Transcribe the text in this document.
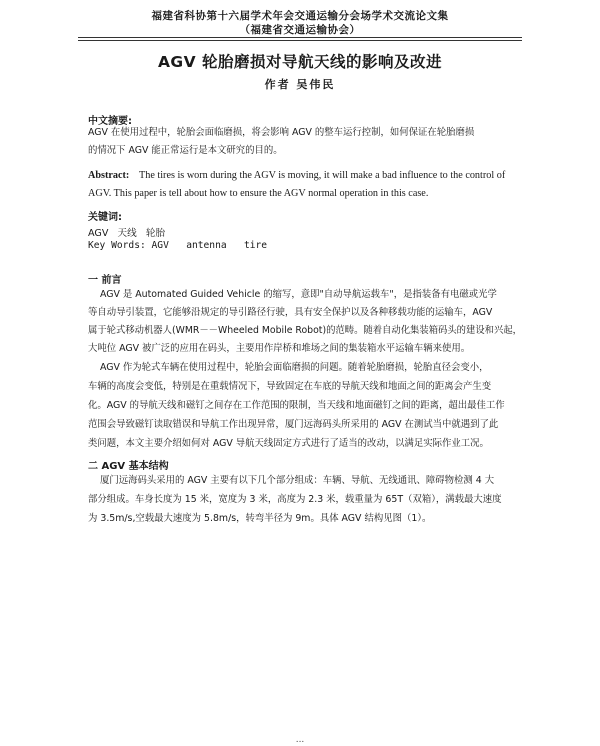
福建省科协第十六届学术年会交通运输分会场学术交流论文集
（福建省交通运输协会）
AGV 轮胎磨损对导航天线的影响及改进
作者 吴伟民
中文摘要:
AGV 在使用过程中，轮胎会面临磨损，将会影响 AGV 的整车运行控制，如何保证在轮胎磨损
的情况下 AGV 能正常运行是本文研究的目的。
Abstract: The tires is worn during the AGV is moving, it will make a bad influence to the control of
AGV. This paper is tell about how to ensure the AGV normal operation in this case.
关键词:
AGV   天线   轮胎
Key Words: AGV   antenna   tire
一 前言
AGV 是 Automated Guided Vehicle 的缩写，意即"自动导航运载车"，是指装备有电磁或光学
等自动导引装置，它能够沿规定的导引路径行驶，具有安全保护以及各种移载功能的运输车，AGV
属于轮式移动机器人(WMR－－Wheeled Mobile Robot)的范畴。随着自动化集装箱码头的建设和兴起，
大吨位 AGV 被广泛的应用在码头，主要用作岸桥和堆场之间的集装箱水平运输车辆来使用。
AGV 作为轮式车辆在使用过程中，轮胎会面临磨损的问题。随着轮胎磨损，轮胎直径会变小，
车辆的高度会变低，特别是在重载情况下，导致固定在车底的导航天线和地面之间的距离会产生变
化。AGV 的导航天线和磁钉之间存在工作范围的限制，当天线和地面磁钉之间的距离，超出最佳工作
范围会导致磁钉读取错误和导航工作出现异常，厦门远海码头所采用的 AGV 在测试当中就遇到了此
类问题，本文主要介绍如何对 AGV 导航天线固定方式进行了适当的改动，以满足实际作业工况。
二 AGV 基本结构
厦门远海码头采用的 AGV 主要有以下几个部分组成：车辆、导航、无线通讯、障碍物检测 4 大
部分组成。车身长度为 15 米，宽度为 3 米，高度为 2.3 米，载重量为 65T（双箱），满载最大速度
为 3.5m/s,空载最大速度为 5.8m/s，转弯半径为 9m。具体 AGV 结构见图（1）。
...
